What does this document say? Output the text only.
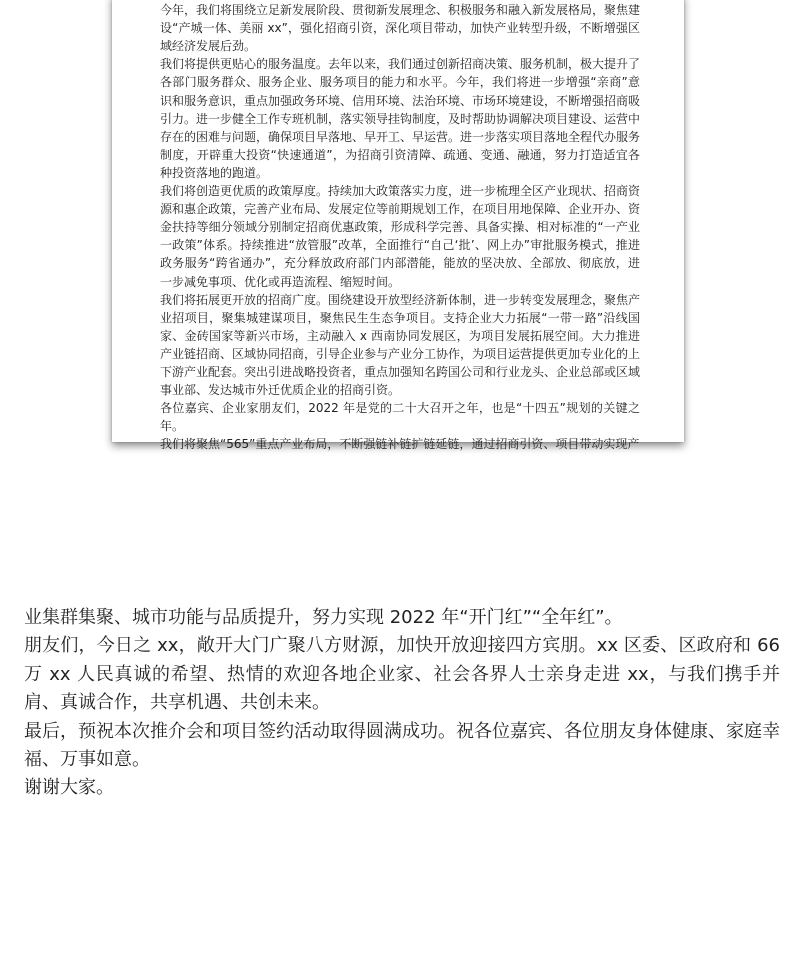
今年，我们将围绕立足新发展阶段、贯彻新发展理念、积极服务和融入新发展格局，聚焦建设“产城一体、美丽 xx”，强化招商引资，深化项目带动，加快产业转型升级，不断增强区域经济发展后劲。

我们将提供更贴心的服务温度。去年以来，我们通过创新招商决策、服务机制，极大提升了各部门服务群众、服务企业、服务项目的能力和水平。今年，我们将进一步增强“亲商”意识和服务意识，重点加强政务环境、信用环境、法治环境、市场环境建设，不断增强招商吸引力。进一步健全工作专班机制，落实领导挂钩制度，及时帮助协调解决项目建设、运营中存在的困难与问题，确保项目早落地、早开工、早运营。进一步落实项目落地全程代办服务制度，开辟重大投资“快速通道”，为招商引资清障、疏通、变通、融通，努力打造适宜各种投资落地的跑道。

我们将创造更优质的政策厚度。持续加大政策落实力度，进一步梳理全区产业现状、招商资源和惠企政策，完善产业布局、发展定位等前期规划工作，在项目用地保障、企业开办、资金扶持等细分领域分别制定招商优惠政策，形成科学完善、具备实操、相对标准的“一产业一政策”体系。持续推进“放管服”改革，全面推行“自己‘批’、网上办”审批服务模式，推进政务服务“跨省通办”，充分释放政府部门内部潜能，能放的坚决放、全部放、彻底放，进一步减免事项、优化或再造流程、缩短时间。

我们将拓展更开放的招商广度。围绕建设开放型经济新体制，进一步转变发展理念，聚焦产业招项目，聚集城建谋项目，聚焦民生生态争项目。支持企业大力拓展“一带一路”沿线国家、金砖国家等新兴市场，主动融入 x 西南协同发展区，为项目发展拓展空间。大力推进产业链招商、区域协同招商，引导企业参与产业分工协作，为项目运营提供更加专业化的上下游产业配套。突出引进战略投资者，重点加强知名跨国公司和行业龙头、企业总部或区域事业部、发达城市外迁优质企业的招商引资。

各位嘉宾、企业家朋友们，2022 年是党的二十大召开之年，也是“十四五”规划的关键之年。

我们将聚焦“565”重点产业布局，不断强链补链扩链延链，通过招商引资、项目带动实现产

业集群集聚、城市功能与品质提升，努力实现 2022 年“开门红”“全年红”。

朋友们，今日之 xx，敞开大门广聚八方财源，加快开放迎接四方宾朋。xx 区委、区政府和 66 万 xx 人民真诚的希望、热情的欢迎各地企业家、社会各界人士亲身走进 xx，与我们携手并肩、真诚合作，共享机遇、共创未来。

最后，预祝本次推介会和项目签约活动取得圆满成功。祝各位嘉宾、各位朋友身体健康、家庭幸福、万事如意。

谢谢大家。
